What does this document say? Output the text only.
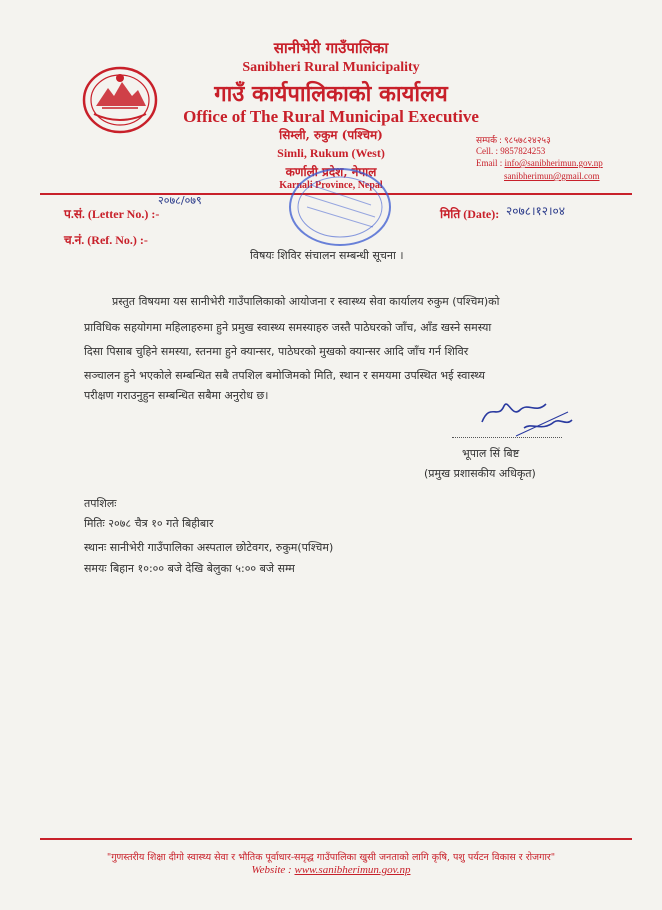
सानीभेरी गाउँपालिका
Sanibheri Rural Municipality
गाउँ कार्यपालिकाको कार्यालय
Office of The Rural Municipal Executive
सिम्ली, रुकुम (पश्चिम)
Simli, Rukum (West)
कर्णाली प्रदेश, नेपाल
Karnali Province, Nepal
सम्पर्क : ९८५७८२४२५३
Cell. : 9857824253
Email : info@sanibherimun.gov.np
sanibherimun@gmail.com
प.सं. (Letter No.) :-
२०७८/०७९
मिति (Date): २०७८।१२।०४
च.नं. (Ref. No.) :-
विषयः शिविर संचालन सम्बन्धी सूचना ।
प्रस्तुत विषयमा यस सानीभेरी गाउँपालिकाको आयोजना र स्वास्थ्य सेवा कार्यालय रुकुम (पश्चिम)को
प्राविधिक सहयोगमा महिलाहरुमा हुने प्रमुख स्वास्थ्य समस्याहरु जस्तै पाठेघरको जाँच, आँड खस्ने समस्या
दिसा पिसाब चुहिने समस्या, स्तनमा हुने क्यान्सर, पाठेघरको मुखको क्यान्सर आदि जाँच गर्न शिविर
सञ्चालन हुने भएकोले सम्बन्धित सबै तपशिल बमोजिमको मिति, स्थान र समयमा उपस्थित भई स्वास्थ्य
परीक्षण गराउनुहुन सम्बन्धित सबैमा अनुरोध छ।
भूपाल सिं बिष्ट
(प्रमुख प्रशासकीय अधिकृत)
तपशिलः
मितिः २०७८ चैत्र १० गते बिहीबार
स्थानः सानीभेरी गाउँपालिका अस्पताल छोटेवगर, रुकुम(पश्चिम)
समयः बिहान १०:०० बजे देखि बेलुका ५:०० बजे सम्म
"गुणस्तरीय शिक्षा दीगो स्वास्थ्य सेवा र भौतिक पूर्वाधार-समृद्ध गाउँपालिका खुसी जनताको लागि कृषि, पशु पर्यटन विकास र रोजगार"
Website : www.sanibherimun.gov.np
